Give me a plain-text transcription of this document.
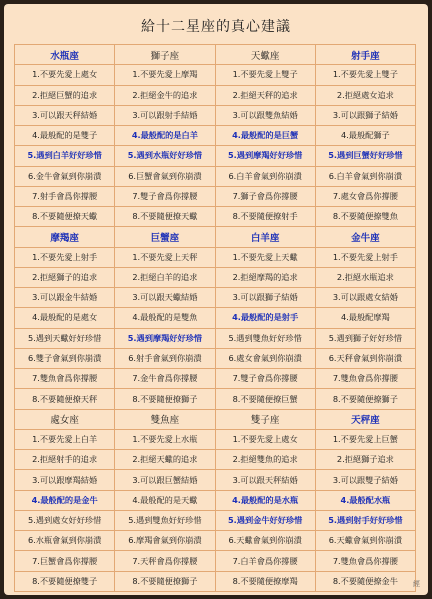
給十二星座的真心建議
水瓶座	獅子座	天蠍座	射手座
1.不要先愛上處女	1.不要先愛上摩羯	1.不要先愛上雙子	1.不要先愛上雙子
2.拒絕巨蟹的追求	2.拒絕金牛的追求	2.拒絕天秤的追求	2.拒絕處女追求
3.可以跟天秤結婚	3.可以跟射手結婚	3.可以跟雙魚結婚	3.可以跟獅子結婚
4.最般配的是雙子	4.最般配的是白羊	4.最般配的是巨蟹	4.最般配獅子
5.遇到白羊好好珍惜	5.遇到水瓶好好珍惜	5.遇到摩羯好好珍惜	5.遇到巨蟹好好珍惜
6.金牛會氣到你崩潰	6.巨蟹會氣到你崩潰	6.白羊會氣到你崩潰	6.白羊會氣到你崩潰
7.射手會爲你撐腰	7.雙子會爲你撐腰	7.獅子會爲你撐腰	7.處女會爲你撐腰
8.不要隨便撩天蠍	8.不要隨便撩天蠍	8.不要隨便撩射手	8.不要隨便撩雙魚
摩羯座	巨蟹座	白羊座	金牛座
1.不要先愛上射手	1.不要先愛上天秤	1.不要先愛上天蠍	1.不要先愛上射手
2.拒絕獅子的追求	2.拒絕白羊的追求	2.拒絕摩羯的追求	2.拒絕水瓶追求
3.可以跟金牛結婚	3.可以跟天蠍結婚	3.可以跟獅子結婚	3.可以跟處女結婚
4.最般配的是處女	4.最般配的是雙魚	4.最般配的是射手	4.最般配摩羯
5.遇到天蠍好好珍惜	5.遇到摩羯好好珍惜	5.遇到雙魚好好珍惜	5.遇到獅子好好珍惜
6.雙子會氣到你崩潰	6.射手會氣到你崩潰	6.處女會氣到你崩潰	6.天秤會氣到你崩潰
7.雙魚會爲你撐腰	7.金牛會爲你撐腰	7.雙子會爲你撐腰	7.雙魚會爲你撐腰
8.不要隨便撩天秤	8.不要隨便撩獅子	8.不要隨便撩巨蟹	8.不要隨便撩獅子
處女座	雙魚座	雙子座	天秤座
1.不要先愛上白羊	1.不要先愛上水瓶	1.不要先愛上處女	1.不要先愛上巨蟹
2.拒絕射手的追求	2.拒絕天蠍的追求	2.拒絕雙魚的追求	2.拒絕獅子追求
3.可以跟摩羯結婚	3.可以跟巨蟹結婚	3.可以跟天秤結婚	3.可以跟雙子結婚
4.最般配的是金牛	4.最般配的是天蠍	4.最般配的是水瓶	4.最般配水瓶
5.遇到處女好好珍惜	5.遇到雙魚好好珍惜	5.遇到金牛好好珍惜	5.遇到射手好好珍惜
6.水瓶會氣到你崩潰	6.摩羯會氣到你崩潰	6.天蠍會氣到你崩潰	6.天蠍會氣到你崩潰
7.巨蟹會爲你撐腰	7.天秤會爲你撐腰	7.白羊會爲你撐腰	7.雙魚會爲你撐腰
8.不要隨便撩雙子	8.不要隨便撩獅子	8.不要隨便撩摩羯	8.不要隨便撩金牛	經
